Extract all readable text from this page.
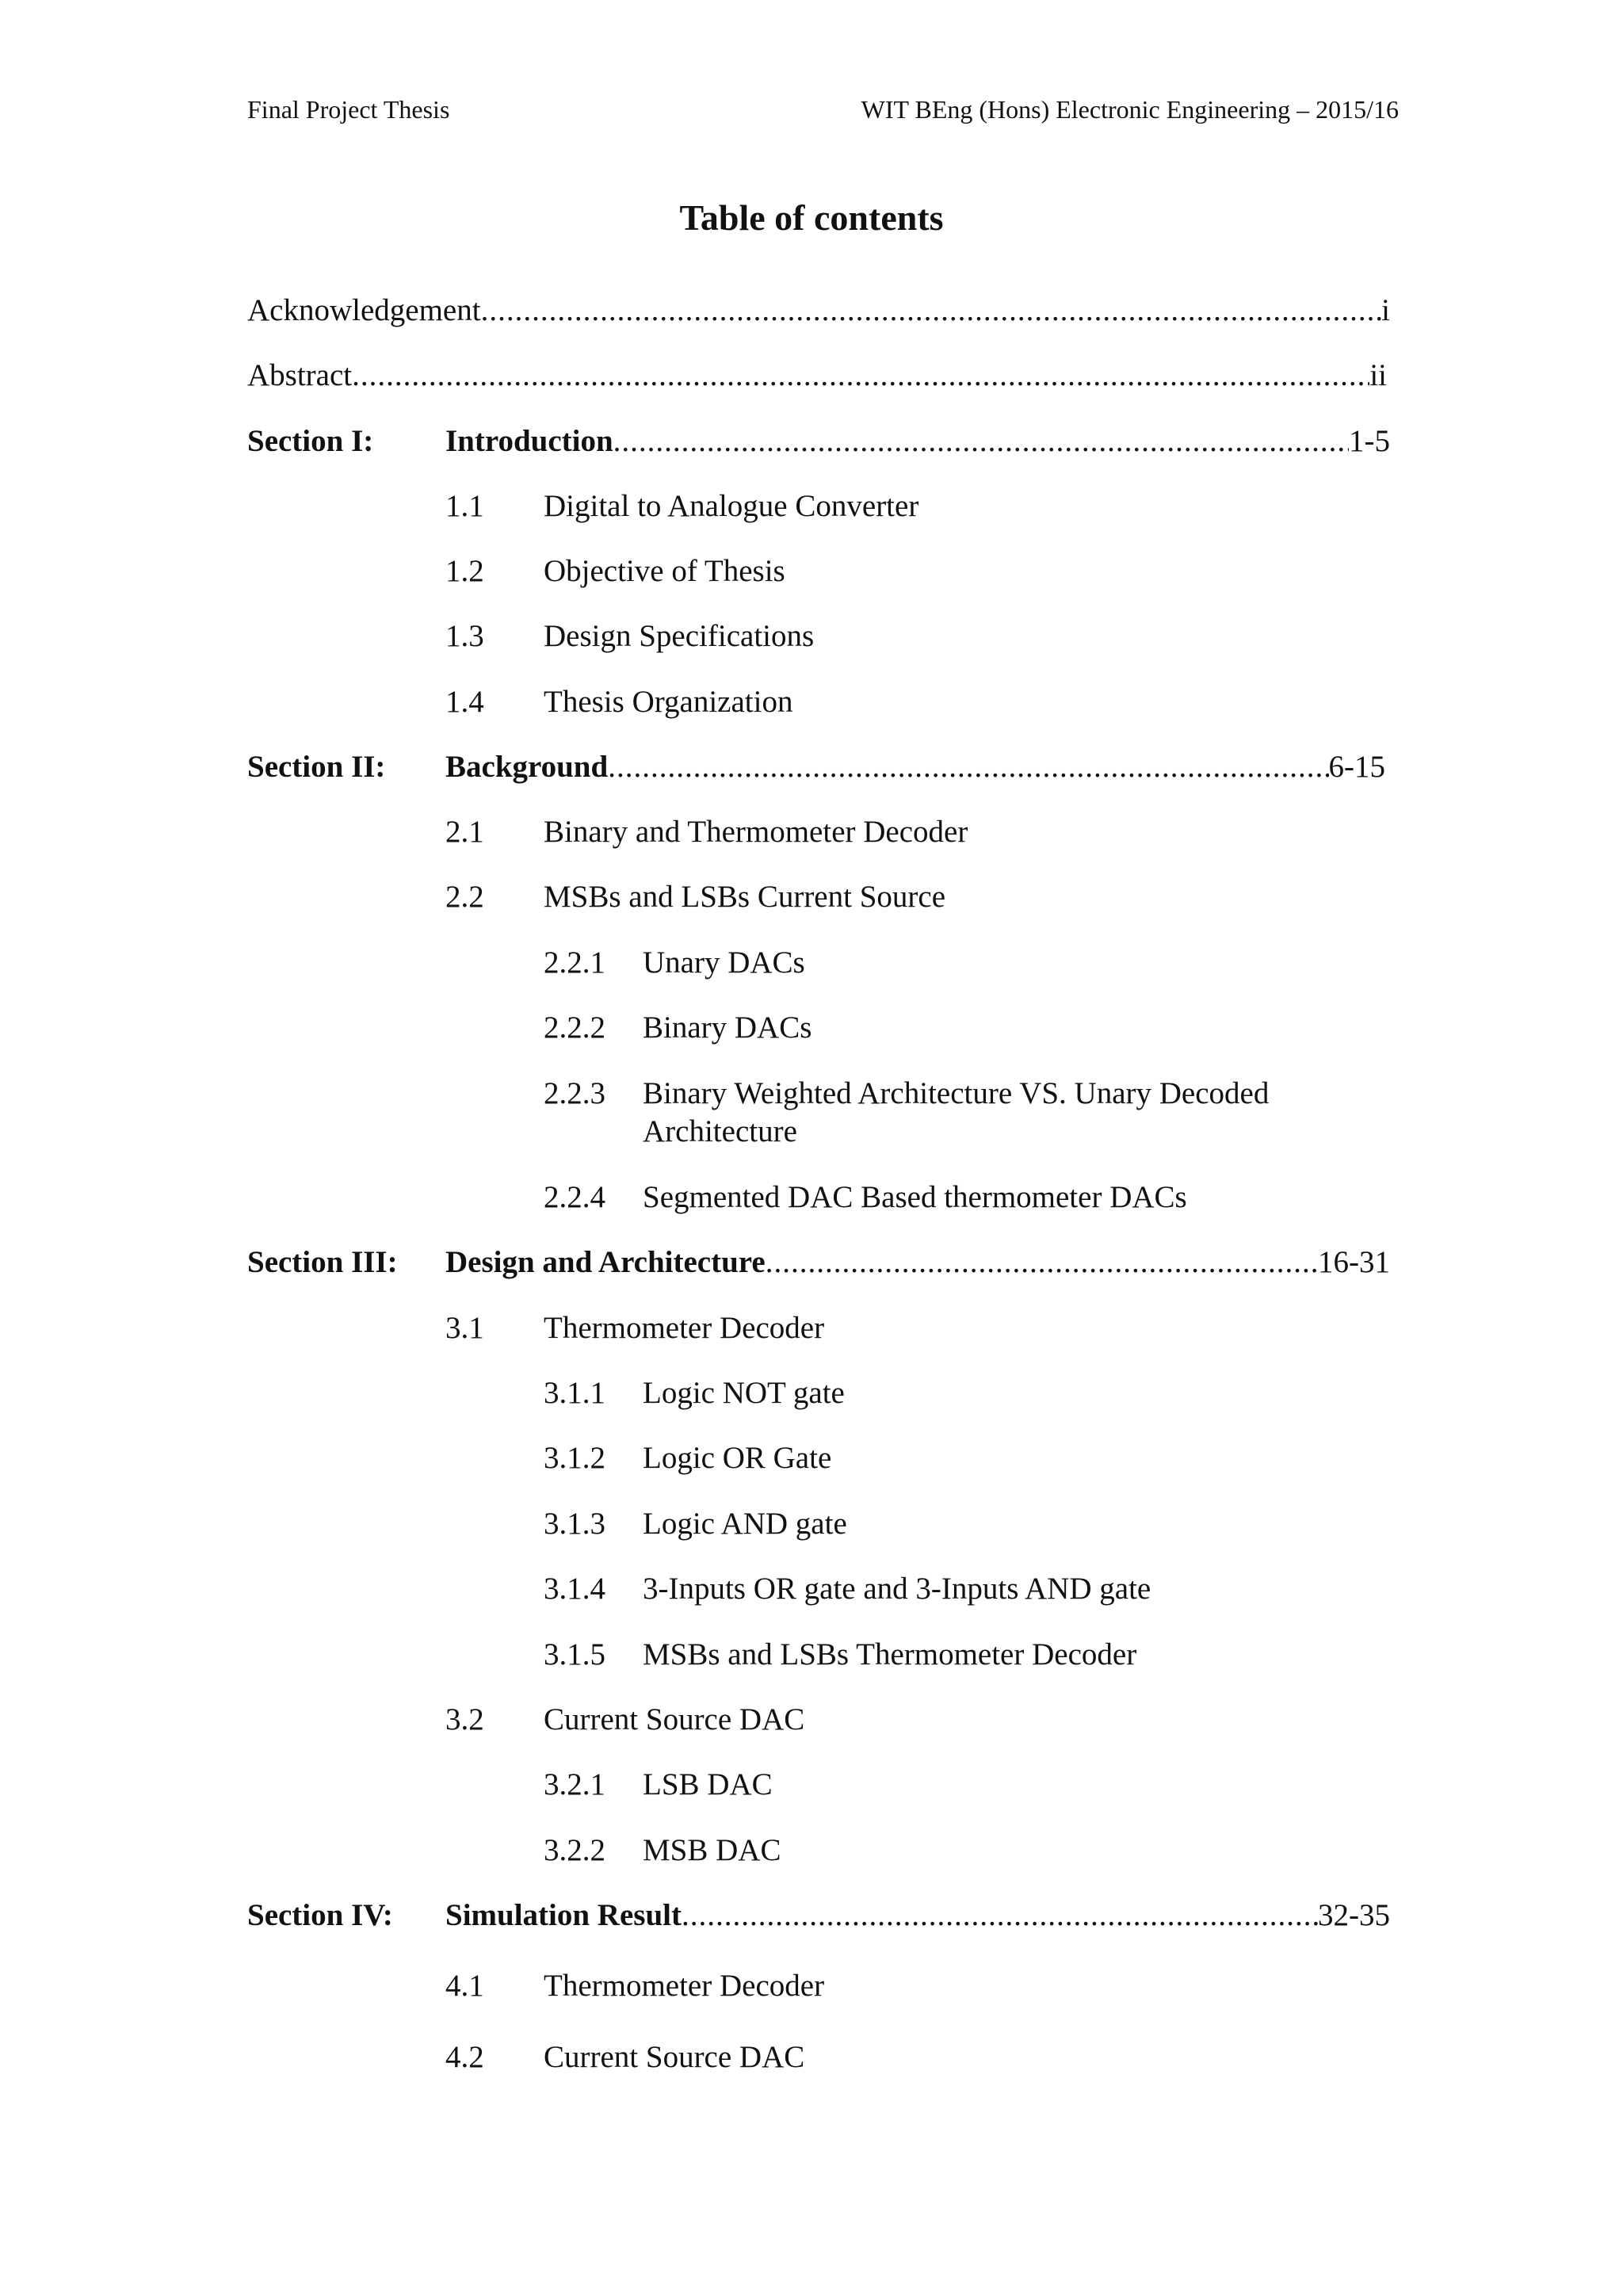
Final Project Thesis	WIT BEng (Hons) Electronic Engineering – 2015/16
Table of contents
Acknowledgement .....	i
Abstract .....	ii
Section I: Introduction .....	1-5
1.1 Digital to Analogue Converter
1.2 Objective of Thesis
1.3 Design Specifications
1.4 Thesis Organization
Section II: Background .....	6-15
2.1 Binary and Thermometer Decoder
2.2 MSBs and LSBs Current Source
2.2.1 Unary DACs
2.2.2 Binary DACs
2.2.3 Binary Weighted Architecture VS. Unary Decoded
Architecture
2.2.4 Segmented DAC Based thermometer DACs
Section III: Design and Architecture .....	16-31
3.1 Thermometer Decoder
3.1.1 Logic NOT gate
3.1.2 Logic OR Gate
3.1.3 Logic AND gate
3.1.4 3-Inputs OR gate and 3-Inputs AND gate
3.1.5 MSBs and LSBs Thermometer Decoder
3.2 Current Source DAC
3.2.1 LSB DAC
3.2.2 MSB DAC
Section IV: Simulation Result .....	32-35
4.1 Thermometer Decoder
4.2 Current Source DAC
